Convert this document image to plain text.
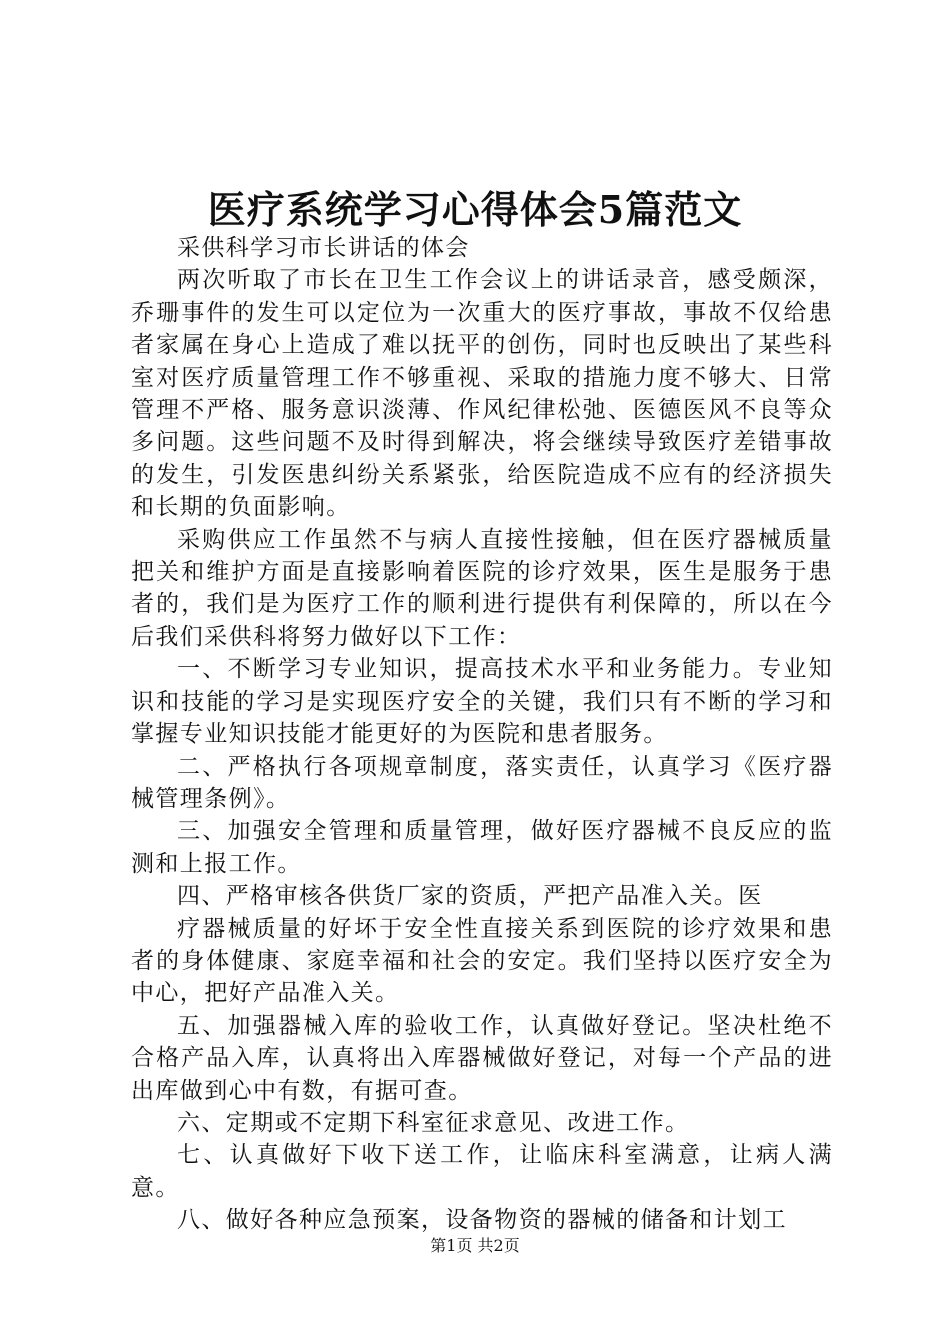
医疗系统学习心得体会5篇范文

采供科学习市长讲话的体会

两次听取了市长在卫生工作会议上的讲话录音，感受颇深，乔珊事件的发生可以定位为一次重大的医疗事故，事故不仅给患者家属在身心上造成了难以抚平的创伤，同时也反映出了某些科室对医疗质量管理工作不够重视、采取的措施力度不够大、日常管理不严格、服务意识淡薄、作风纪律松弛、医德医风不良等众多问题。这些问题不及时得到解决，将会继续导致医疗差错事故的发生，引发医患纠纷关系紧张，给医院造成不应有的经济损失和长期的负面影响。

采购供应工作虽然不与病人直接性接触，但在医疗器械质量把关和维护方面是直接影响着医院的诊疗效果，医生是服务于患者的，我们是为医疗工作的顺利进行提供有利保障的，所以在今后我们采供科将努力做好以下工作：

一、不断学习专业知识，提高技术水平和业务能力。专业知识和技能的学习是实现医疗安全的关键，我们只有不断的学习和掌握专业知识技能才能更好的为医院和患者服务。

二、严格执行各项规章制度，落实责任，认真学习《医疗器械管理条例》。

三、加强安全管理和质量管理，做好医疗器械不良反应的监测和上报工作。

四、严格审核各供货厂家的资质，严把产品准入关。医

疗器械质量的好坏于安全性直接关系到医院的诊疗效果和患者的身体健康、家庭幸福和社会的安定。我们坚持以医疗安全为中心，把好产品准入关。

五、加强器械入库的验收工作，认真做好登记。坚决杜绝不合格产品入库，认真将出入库器械做好登记，对每一个产品的进出库做到心中有数，有据可查。

六、定期或不定期下科室征求意见、改进工作。

七、认真做好下收下送工作，让临床科室满意，让病人满意。

八、做好各种应急预案，设备物资的器械的储备和计划工

第1页 共2页
